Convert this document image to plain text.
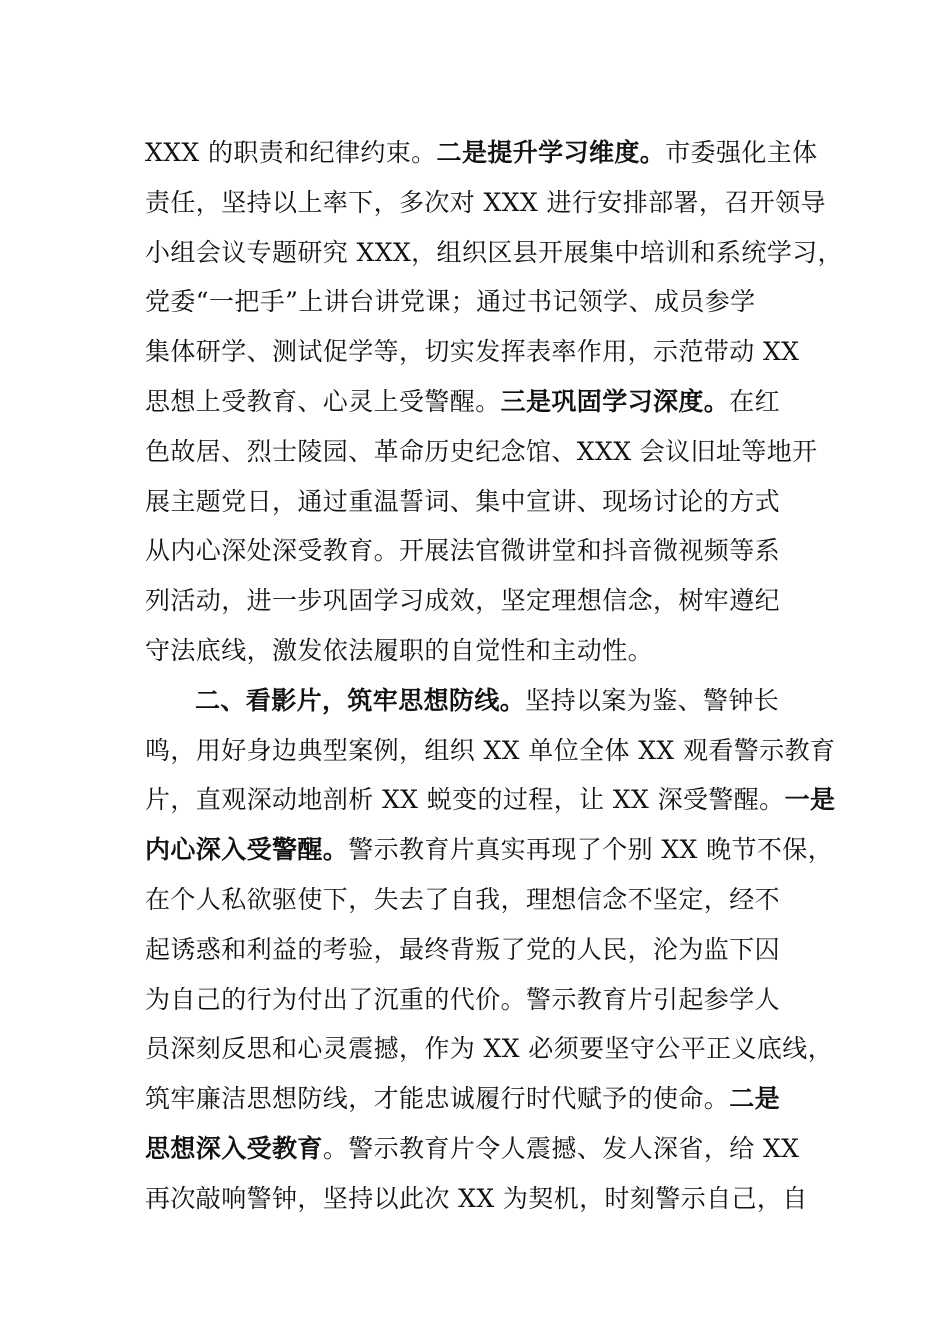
XXX 的职责和纪律约束。二是提升学习维度。市委强化主体
责任，坚持以上率下，多次对 XXX 进行安排部署，召开领导
小组会议专题研究 XXX，组织区县开展集中培训和系统学习，
党委“一把手”上讲台讲党课；通过书记领学、成员参学
集体研学、测试促学等，切实发挥表率作用，示范带动 XX
思想上受教育、心灵上受警醒。三是巩固学习深度。在红
色故居、烈士陵园、革命历史纪念馆、XXX 会议旧址等地开
展主题党日，通过重温誓词、集中宣讲、现场讨论的方式
从内心深处深受教育。开展法官微讲堂和抖音微视频等系
列活动，进一步巩固学习成效，坚定理想信念，树牢遵纪
守法底线，激发依法履职的自觉性和主动性。
二、看影片，筑牢思想防线。坚持以案为鉴、警钟长
鸣，用好身边典型案例，组织 XX 单位全体 XX 观看警示教育
片，直观深动地剖析 XX 蜕变的过程，让 XX 深受警醒。一是
内心深入受警醒。警示教育片真实再现了个别 XX 晚节不保，
在个人私欲驱使下，失去了自我，理想信念不坚定，经不
起诱惑和利益的考验，最终背叛了党的人民，沦为监下囚
为自己的行为付出了沉重的代价。警示教育片引起参学人
员深刻反思和心灵震撼，作为 XX 必须要坚守公平正义底线，
筑牢廉洁思想防线，才能忠诚履行时代赋予的使命。二是
思想深入受教育。警示教育片令人震撼、发人深省，给 XX
再次敲响警钟，坚持以此次 XX 为契机，时刻警示自己，自
